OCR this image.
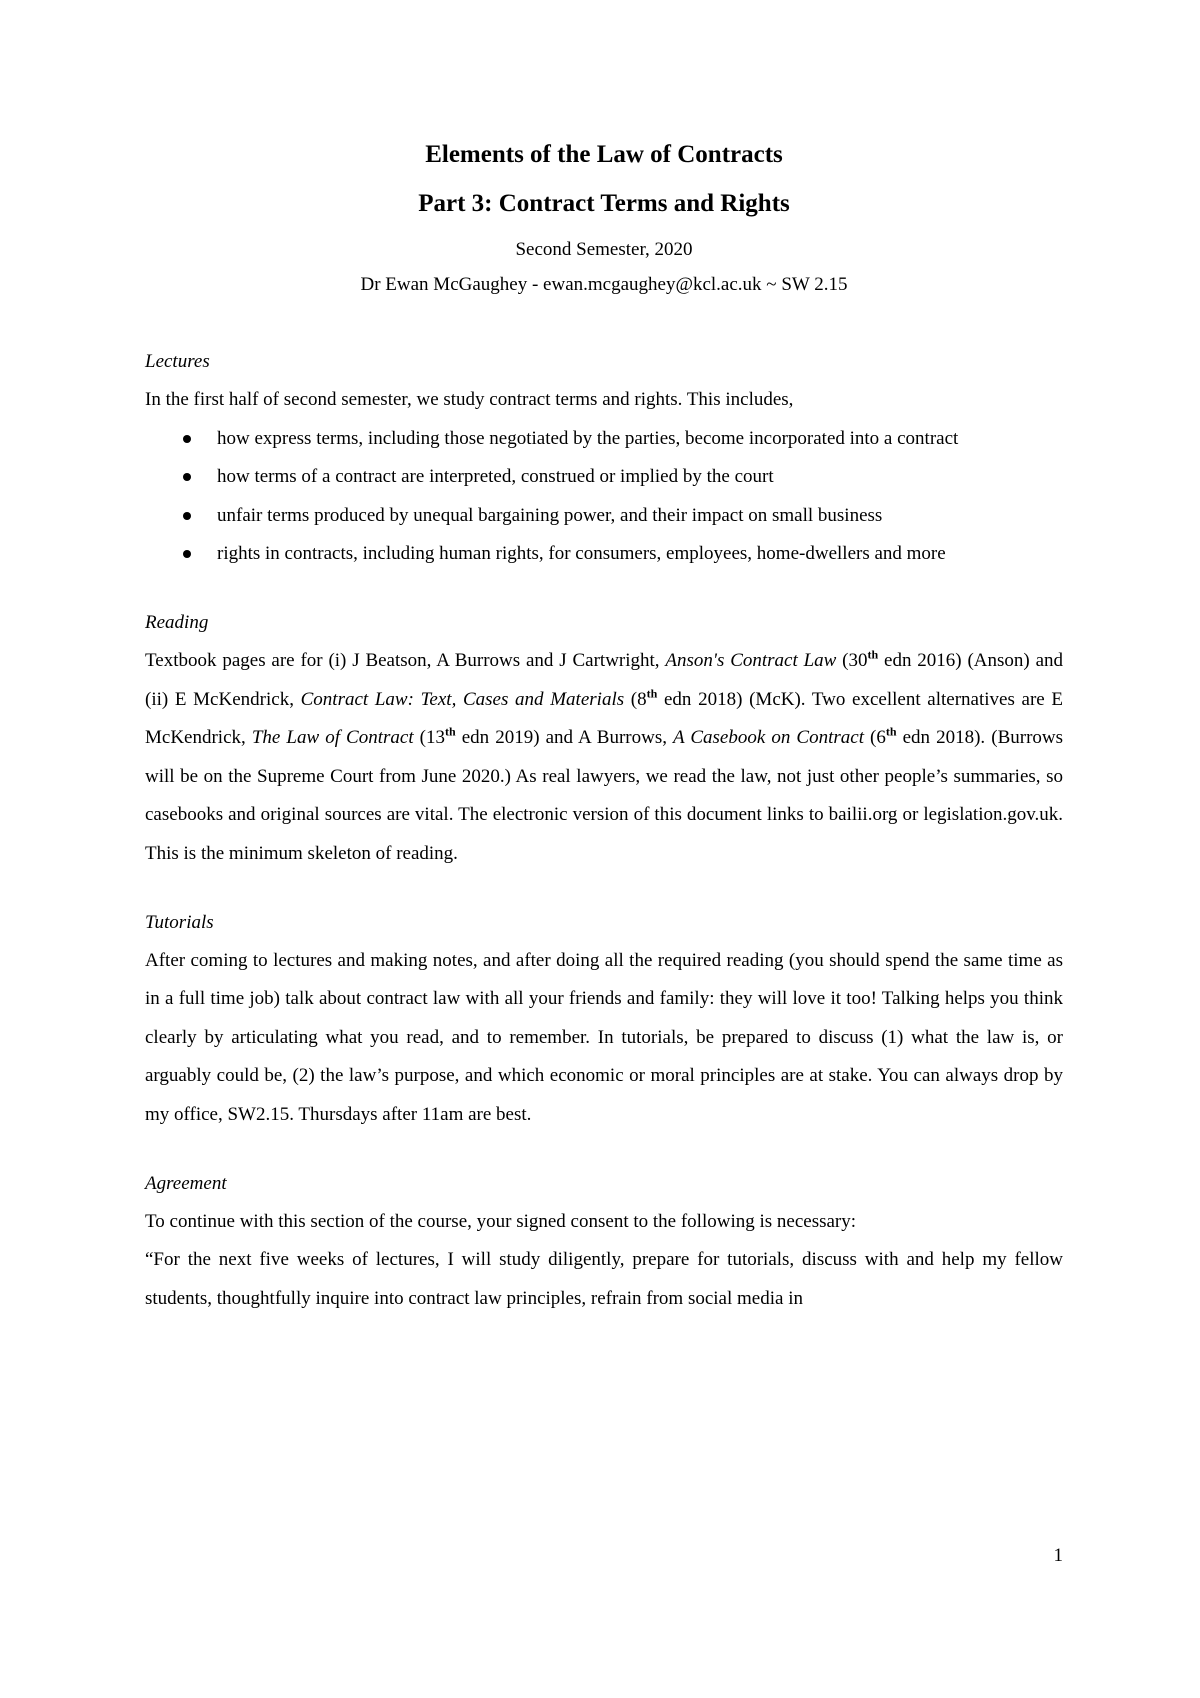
Elements of the Law of Contracts
Part 3: Contract Terms and Rights

Second Semester, 2020

Dr Ewan McGaughey - ewan.mcgaughey@kcl.ac.uk ~ SW 2.15

Lectures

In the first half of second semester, we study contract terms and rights. This includes,

how express terms, including those negotiated by the parties, become incorporated into a contract
how terms of a contract are interpreted, construed or implied by the court
unfair terms produced by unequal bargaining power, and their impact on small business
rights in contracts, including human rights, for consumers, employees, home-dwellers and more
Reading

Textbook pages are for (i) J Beatson, A Burrows and J Cartwright, Anson's Contract Law (30th edn 2016) (Anson) and (ii) E McKendrick, Contract Law: Text, Cases and Materials (8th edn 2018) (McK). Two excellent alternatives are E McKendrick, The Law of Contract (13th edn 2019) and A Burrows, A Casebook on Contract (6th edn 2018). (Burrows will be on the Supreme Court from June 2020.) As real lawyers, we read the law, not just other people’s summaries, so casebooks and original sources are vital. The electronic version of this document links to bailii.org or legislation.gov.uk. This is the minimum skeleton of reading.

Tutorials

After coming to lectures and making notes, and after doing all the required reading (you should spend the same time as in a full time job) talk about contract law with all your friends and family: they will love it too! Talking helps you think clearly by articulating what you read, and to remember. In tutorials, be prepared to discuss (1) what the law is, or arguably could be, (2) the law’s purpose, and which economic or moral principles are at stake. You can always drop by my office, SW2.15. Thursdays after 11am are best.

Agreement

To continue with this section of the course, your signed consent to the following is necessary:

“For the next five weeks of lectures, I will study diligently, prepare for tutorials, discuss with and help my fellow students, thoughtfully inquire into contract law principles, refrain from social media in

1
